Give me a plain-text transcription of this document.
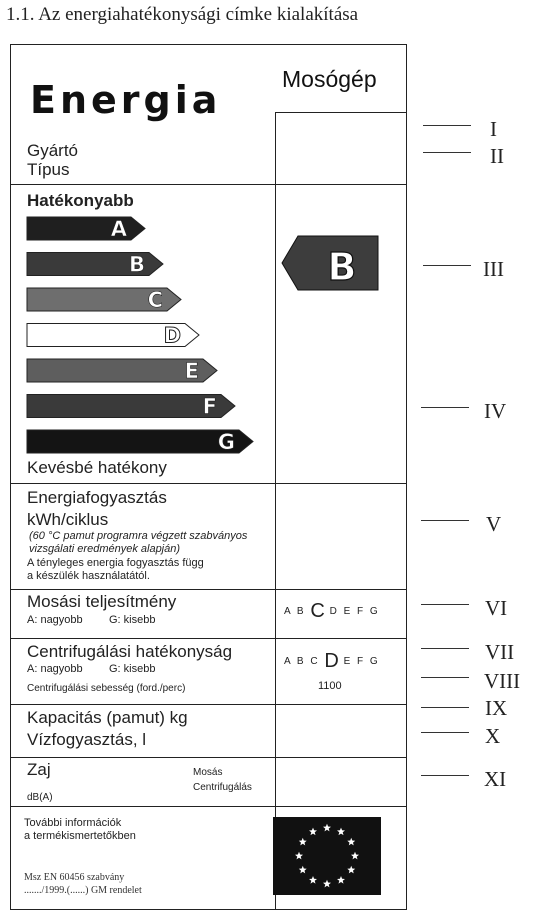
1.1. Az energiahatékonysági címke kialakítása
Energia	Mosógép
Gyártó
Típus
Hatékonyabb
Kevésbé hatékony
A
B
C
D
E
F
G
B
Energiafogyasztás
kWh/ciklus
(60 °C pamut programra végzett szabványos
vizsgálati eredmények alapján)
A tényleges energia fogyasztás függ
a készülék használatától.
Mosási teljesítmény
A: nagyobb G: kisebb
A B C D E F G
Centrifugálási hatékonyság
A: nagyobb G: kisebb
Centrifugálási sebesség (ford./perc)
A B C D E F G
1100
Kapacitás (pamut) kg
Vízfogyasztás, l
Zaj
dB(A)
Mosás
Centrifugálás
További információk
a termékismertetőkben
Msz EN 60456 szabvány
......./1999.(......) GM rendelet
I
II
III
IV
V
VI
VII
VIII
IX
X
XI
